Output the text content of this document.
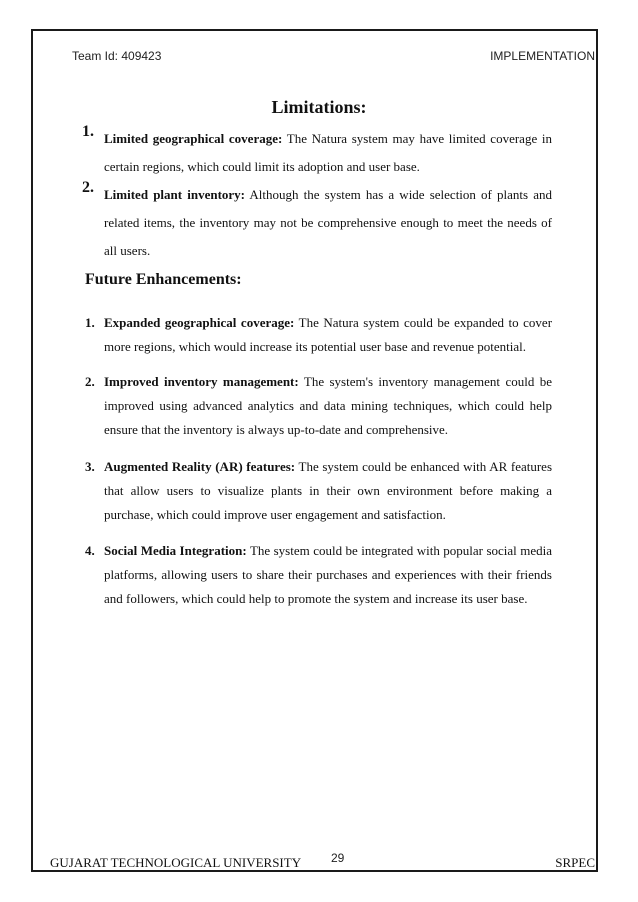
Team Id: 409423	IMPLEMENTATION
Limitations:
1. Limited geographical coverage: The Natura system may have limited coverage in certain regions, which could limit its adoption and user base.
2. Limited plant inventory: Although the system has a wide selection of plants and related items, the inventory may not be comprehensive enough to meet the needs of all users.
Future Enhancements:
1. Expanded geographical coverage: The Natura system could be expanded to cover more regions, which would increase its potential user base and revenue potential.
2. Improved inventory management: The system's inventory management could be improved using advanced analytics and data mining techniques, which could help ensure that the inventory is always up-to-date and comprehensive.
3. Augmented Reality (AR) features: The system could be enhanced with AR features that allow users to visualize plants in their own environment before making a purchase, which could improve user engagement and satisfaction.
4. Social Media Integration: The system could be integrated with popular social media platforms, allowing users to share their purchases and experiences with their friends and followers, which could help to promote the system and increase its user base.
GUJARAT TECHNOLOGICAL UNIVERSITY 29	SRPEC
